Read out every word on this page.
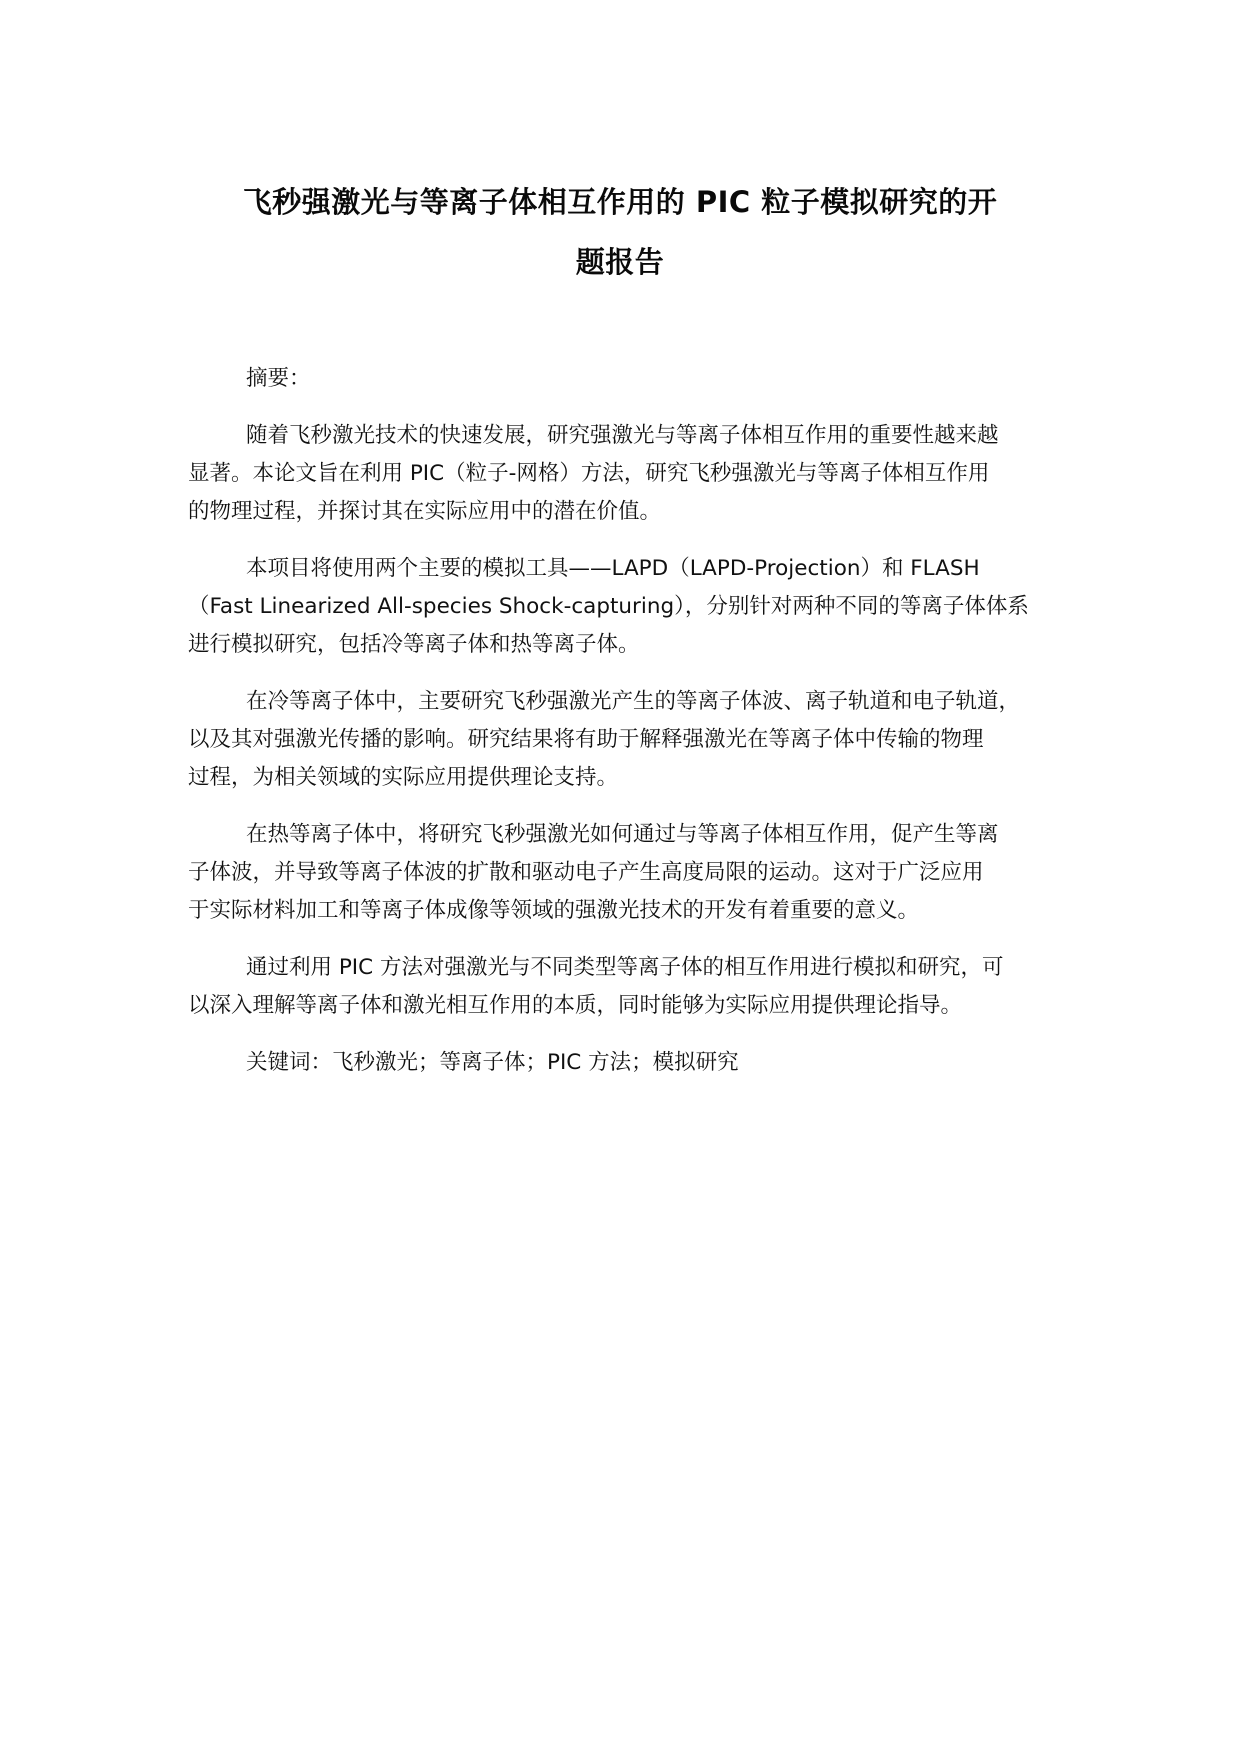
飞秒强激光与等离子体相互作用的 PIC 粒子模拟研究的开
题报告

摘要：

随着飞秒激光技术的快速发展，研究强激光与等离子体相互作用的重要性越来越
显著。本论文旨在利用 PIC（粒子-网格）方法，研究飞秒强激光与等离子体相互作用
的物理过程，并探讨其在实际应用中的潜在价值。

本项目将使用两个主要的模拟工具——LAPD（LAPD-Projection）和 FLASH
（Fast Linearized All-species Shock-capturing），分别针对两种不同的等离子体体系
进行模拟研究，包括冷等离子体和热等离子体。

在冷等离子体中，主要研究飞秒强激光产生的等离子体波、离子轨道和电子轨道，
以及其对强激光传播的影响。研究结果将有助于解释强激光在等离子体中传输的物理
过程，为相关领域的实际应用提供理论支持。

在热等离子体中，将研究飞秒强激光如何通过与等离子体相互作用，促产生等离
子体波，并导致等离子体波的扩散和驱动电子产生高度局限的运动。这对于广泛应用
于实际材料加工和等离子体成像等领域的强激光技术的开发有着重要的意义。

通过利用 PIC 方法对强激光与不同类型等离子体的相互作用进行模拟和研究，可
以深入理解等离子体和激光相互作用的本质，同时能够为实际应用提供理论指导。

关键词：飞秒激光；等离子体；PIC 方法；模拟研究
